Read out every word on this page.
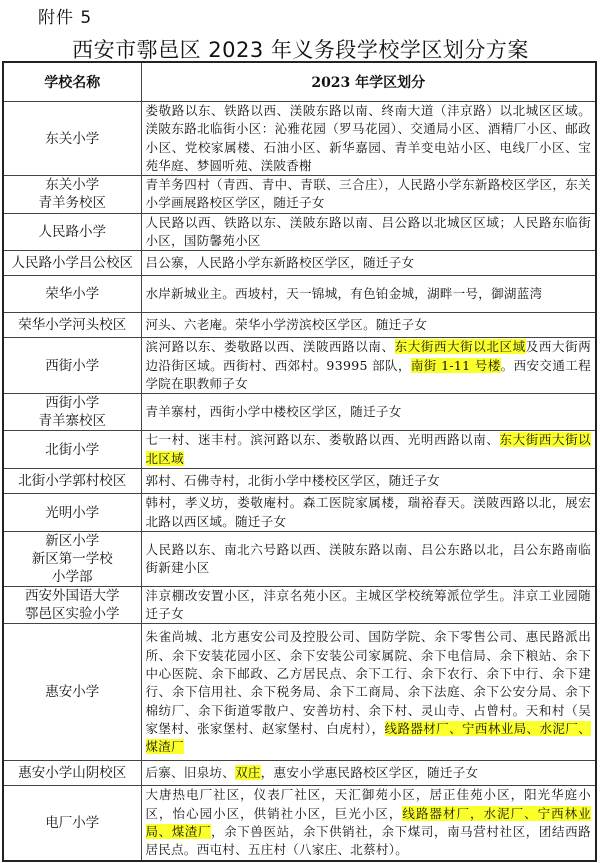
附件 5
西安市鄠邑区 2023 年义务段学校学区划分方案
学校名称	2023 年学区划分
东关小学	娄敬路以东、铁路以西、渼陂东路以南、终南大道（沣京路）以北城区区域。渼陂东路北临街小区：沁雅花园（罗马花园）、交通局小区、酒精厂小区、邮政小区、党校家属楼、石油小区、新华嘉园、青羊变电站小区、电线厂小区、宝苑华庭、梦圆听苑、渼陂香榭
东关小学
青羊务校区	青羊务四村（青西、青中、青联、三合庄），人民路小学东新路校区学区，东关小学画展路校区学区，随迁子女
人民路小学	人民路以西、铁路以东、渼陂东路以南、吕公路以北城区区域；人民路东临街小区，国防馨苑小区
人民路小学吕公校区	吕公寨，人民路小学东新路校区学区，随迁子女
荣华小学	水岸新城业主。西坡村，天一锦城，有色铂金城，湖畔一号，御湖蓝湾
荣华小学河头校区	河头、六老庵。荣华小学涝滨校区学区。随迁子女
西街小学	滨河路以东、娄敬路以西、渼陂西路以南、东大街西大街以北区域及西大街两边沿街区域。西街村、西郊村。93995 部队，南街 1-11 号楼。西安交通工程学院在职教师子女
西街小学
青羊寨校区	青羊寨村，西街小学中楼校区学区，随迁子女
北街小学	七一村、迷丰村。滨河路以东、娄敬路以西、光明西路以南、东大街西大街以北区域
北街小学郭村校区	郭村、石佛寺村，北街小学中楼校区学区，随迁子女
光明小学	韩村，孝义坊，娄敬庵村。森工医院家属楼，瑞裕春天。渼陂西路以北，展宏北路以西区域。随迁子女
新区小学
新区第一学校
小学部	人民路以东、南北六号路以西、渼陂东路以南、吕公东路以北，吕公东路南临街新建小区
西安外国语大学
鄠邑区实验小学	沣京棚改安置小区，沣京名苑小区。主城区学校统筹派位学生。沣京工业园随迁子女
惠安小学	朱雀尚城、北方惠安公司及控股公司、国防学院、余下零售公司、惠民路派出所、余下安装花园小区、余下安装公司家属院、余下电信局、余下粮站、余下中心医院、余下邮政、乙方居民点、余下工行、余下农行、余下中行、余下建行、余下信用社、余下税务局、余下工商局、余下法庭、余下公安分局、余下棉纺厂、余下街道零散户、安善坊村、余下村、灵山寺、占曾村。天和村（吴家堡村、张家堡村、赵家堡村、白虎村），线路器材厂、宁西林业局、水泥厂、煤渣厂
惠安小学山阴校区	后寨、旧泉坊、双庄，惠安小学惠民路校区学区，随迁子女
电厂小学	大唐热电厂社区，仪表厂社区，天汇御苑小区，居正佳苑小区，阳光华庭小区，怡心园小区，供销社小区，巨光小区，线路器材厂，水泥厂、宁西林业局、煤渣厂，余下兽医站，余下供销社，余下煤司，南马营村社区，团结西路居民点。西屯村、五庄村（八家庄、北蔡村）。
